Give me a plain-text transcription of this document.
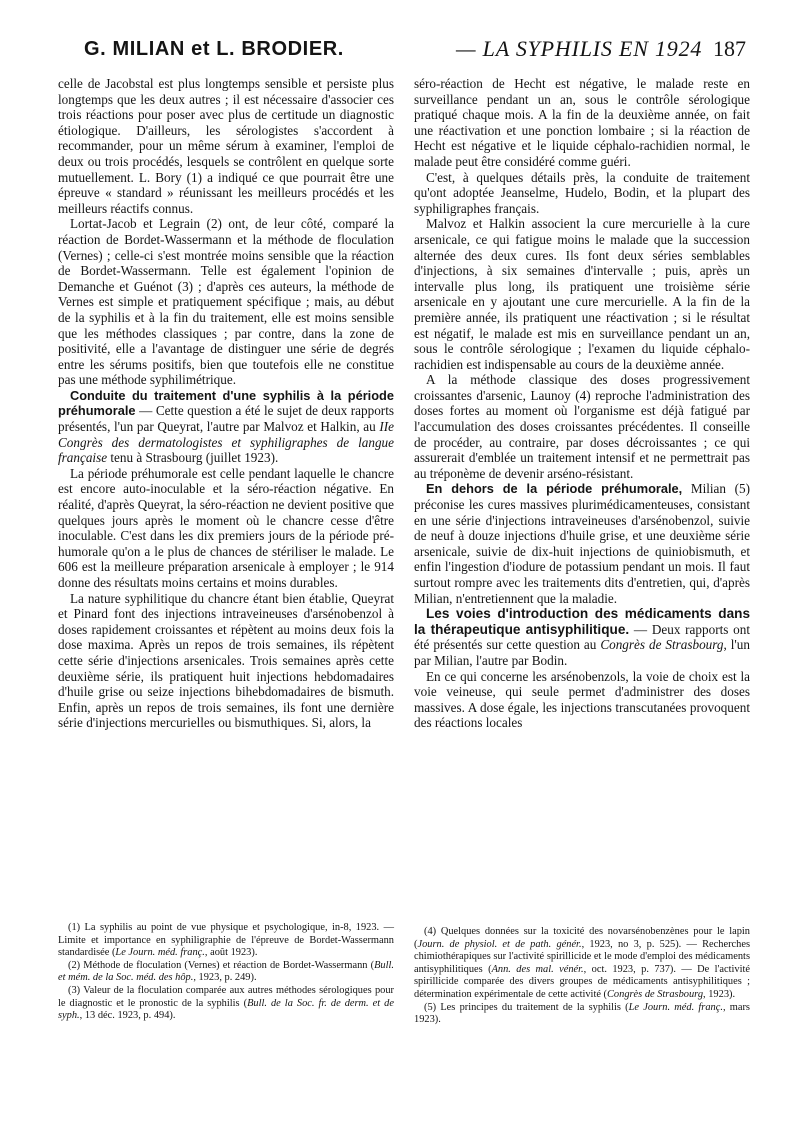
G. MILIAN et L. BRODIER.	— LA SYPHILIS EN 1924 187

celle de Jacobstal est plus longtemps sensible et persiste plus longtemps que les deux autres ; il est nécessaire d'associer ces trois réactions pour poser avec plus de certitude un diagnostic étiologique. D'ailleurs, les sérologistes s'accordent à recommander, pour un même sérum à examiner, l'emploi de deux ou trois procédés, lesquels se contrôlent en quelque sorte mutuellement. L. Bory (1) a indiqué ce que pourrait être une épreuve « standard » réunissant les meilleurs procédés et les meilleurs réactifs connus.

Lortat-Jacob et Legrain (2) ont, de leur côté, comparé la réaction de Bordet-Wassermann et la méthode de floculation (Vernes) ; celle-ci s'est montrée moins sensible que la réaction de Bordet-Wassermann. Telle est également l'opinion de Demanche et Guénot (3) ; d'après ces auteurs, la méthode de Vernes est simple et pratiquement spécifique ; mais, au début de la syphilis et à la fin du traitement, elle est moins sensible que les méthodes classiques ; par contre, dans la zone de positivité, elle a l'avantage de distinguer une série de degrés entre les sérums positifs, bien que toutefois elle ne constitue pas une méthode syphilimétrique.

Conduite du traitement d'une syphilis à la période préhumorale — Cette question a été le sujet de deux rapports présentés, l'un par Queyrat, l'autre par Malvoz et Halkin, au IIe Congrès des dermatologistes et syphiligraphes de langue française tenu à Strasbourg (juillet 1923).

La période préhumorale est celle pendant laquelle le chancre est encore auto-inoculable et la séro-réaction négative. En réalité, d'après Queyrat, la séro-réaction ne devient positive que quelques jours après le moment où le chancre cesse d'être inoculable. C'est dans les dix premiers jours de la période préhumorale qu'on a le plus de chances de stériliser le malade. Le 606 est la meilleure préparation arsenicale à employer ; le 914 donne des résultats moins certains et moins durables.

La nature syphilitique du chancre étant bien établie, Queyrat et Pinard font des injections intraveineuses d'arsénobenzol à doses rapidement croissantes et répètent au moins deux fois la dose maxima. Après un repos de trois semaines, ils répètent cette série d'injections arsenicales. Trois semaines après cette deuxième série, ils pratiquent huit injections hebdomadaires d'huile grise ou seize injections bihebdomadaires de bismuth. Enfin, après un repos de trois semaines, ils font une dernière série d'injections mercurielles ou bismuthiques. Si, alors, la

séro-réaction de Hecht est négative, le malade reste en surveillance pendant un an, sous le contrôle sérologique pratiqué chaque mois. A la fin de la deuxième année, on fait une réactivation et une ponction lombaire ; si la réaction de Hecht est négative et le liquide céphalo-rachidien normal, le malade peut être considéré comme guéri.

C'est, à quelques détails près, la conduite de traitement qu'ont adoptée Jeanselme, Hudelo, Bodin, et la plupart des syphiligraphes français.

Malvoz et Halkin associent la cure mercurielle à la cure arsenicale, ce qui fatigue moins le malade que la succession alternée des deux cures. Ils font deux séries semblables d'injections, à six semaines d'intervalle ; puis, après un intervalle plus long, ils pratiquent une troisième série arsenicale en y ajoutant une cure mercurielle. A la fin de la première année, ils pratiquent une réactivation ; si le résultat est négatif, le malade est mis en surveillance pendant un an, sous le contrôle sérologique ; l'examen du liquide céphalo-rachidien est indispensable au cours de la deuxième année.

A la méthode classique des doses progressivement croissantes d'arsenic, Launoy (4) reproche l'administration des doses fortes au moment où l'organisme est déjà fatigué par l'accumulation des doses croissantes précédentes. Il conseille de procéder, au contraire, par doses décroissantes ; ce qui assurerait d'emblée un traitement intensif et ne permettrait pas au tréponème de devenir arséno-résistant.

En dehors de la période préhumorale, Milian (5) préconise les cures massives plurimédicamenteuses, consistant en une série d'injections intraveineuses d'arsénobenzol, suivie de neuf à douze injections d'huile grise, et une deuxième série arsenicale, suivie de dix-huit injections de quiniobismuth, et enfin l'ingestion d'iodure de potassium pendant un mois. Il faut surtout rompre avec les traitements dits d'entretien, qui, d'après Milian, n'entretiennent que la maladie.

Les voies d'introduction des médicaments dans la thérapeutique antisyphilitique. — Deux rapports ont été présentés sur cette question au Congrès de Strasbourg, l'un par Milian, l'autre par Bodin.

En ce qui concerne les arsénobenzols, la voie de choix est la voie veineuse, qui seule permet d'administrer des doses massives. A dose égale, les injections transcutanées provoquent des réactions locales

(1) La syphilis au point de vue physique et psychologique, in-8, 1923. — Limite et importance en syphiligraphie de l'épreuve de Bordet-Wassermann standardisée (Le Journ. méd. franç., août 1923).

(2) Méthode de floculation (Vernes) et réaction de Bordet-Wassermann (Bull. et mém. de la Soc. méd. des hôp., 1923, p. 249).

(3) Valeur de la floculation comparée aux autres méthodes sérologiques pour le diagnostic et le pronostic de la syphilis (Bull. de la Soc. fr. de derm. et de syph., 13 déc. 1923, p. 494).

(4) Quelques données sur la toxicité des novarsénobenzènes pour le lapin (Journ. de physiol. et de path. génér., 1923, no 3, p. 525). — Recherches chimiothérapiques sur l'activité spirillicide et le mode d'emploi des médicaments antisyphilitiques (Ann. des mal. vénér., oct. 1923, p. 737). — De l'activité spirillicide comparée des divers groupes de médicaments antisyphilitiques ; détermination expérimentale de cette activité (Congrès de Strasbourg, 1923).

(5) Les principes du traitement de la syphilis (Le Journ. méd. franç., mars 1923).
